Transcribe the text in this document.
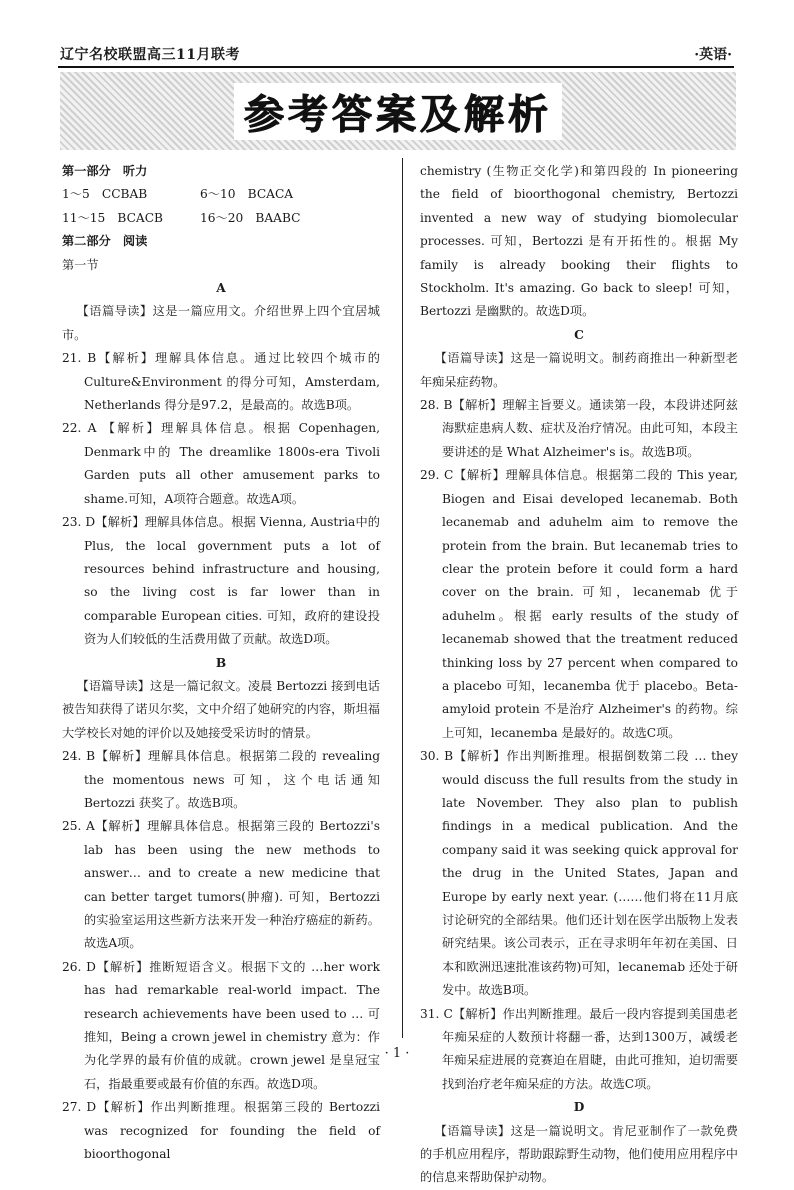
辽宁名校联盟高三11月联考	·英语·
参考答案及解析

第一部分　听力

1～5　CCBAB	6～10　BCACA
11～15　BCACB	16～20　BAABC

第二部分　阅读

第一节

A

【语篇导读】这是一篇应用文。介绍世界上四个宜居城市。

21. B【解析】理解具体信息。通过比较四个城市的 Culture&Environment 的得分可知，Amsterdam, Netherlands 得分是97.2，是最高的。故选B项。

22. A 【解析】理解具体信息。根据 Copenhagen, Denmark中的 The dreamlike 1800s-era Tivoli Garden puts all other amusement parks to shame.可知，A项符合题意。故选A项。

23. D【解析】理解具体信息。根据 Vienna, Austria中的 Plus, the local government puts a lot of resources behind infrastructure and housing, so the living cost is far lower than in comparable European cities. 可知，政府的建设投资为人们较低的生活费用做了贡献。故选D项。

B

【语篇导读】这是一篇记叙文。凌晨 Bertozzi 接到电话被告知获得了诺贝尔奖，文中介绍了她研究的内容，斯坦福大学校长对她的评价以及她接受采访时的情景。

24. B【解析】理解具体信息。根据第二段的 revealing the momentous news 可知，这个电话通知 Bertozzi 获奖了。故选B项。

25. A【解析】理解具体信息。根据第三段的 Bertozzi's lab has been using the new methods to answer… and to create a new medicine that can better target tumors(肿瘤). 可知，Bertozzi 的实验室运用这些新方法来开发一种治疗癌症的新药。故选A项。

26. D【解析】推断短语含义。根据下文的 …her work has had remarkable real-world impact. The research achievements have been used to … 可推知，Being a crown jewel in chemistry 意为：作为化学界的最有价值的成就。crown jewel 是皇冠宝石，指最重要或最有价值的东西。故选D项。

27. D【解析】作出判断推理。根据第三段的 Bertozzi was recognized for founding the field of bioorthogonal

chemistry (生物正交化学)和第四段的 In pioneering the field of bioorthogonal chemistry, Bertozzi invented a new way of studying biomolecular processes. 可知，Bertozzi 是有开拓性的。根据 My family is already booking their flights to Stockholm. It's amazing. Go back to sleep! 可知，Bertozzi 是幽默的。故选D项。

C

【语篇导读】这是一篇说明文。制药商推出一种新型老年痴呆症药物。

28. B【解析】理解主旨要义。通读第一段，本段讲述阿兹海默症患病人数、症状及治疗情况。由此可知，本段主要讲述的是 What Alzheimer's is。故选B项。

29. C【解析】理解具体信息。根据第二段的 This year, Biogen and Eisai developed lecanemab. Both lecanemab and aduhelm aim to remove the protein from the brain. But lecanemab tries to clear the protein before it could form a hard cover on the brain. 可知，lecanemab 优于 aduhelm。根据 early results of the study of lecanemab showed that the treatment reduced thinking loss by 27 percent when compared to a placebo 可知，lecanemba 优于 placebo。Beta-amyloid protein 不是治疗 Alzheimer's 的药物。综上可知，lecanemba 是最好的。故选C项。

30. B【解析】作出判断推理。根据倒数第二段 … they would discuss the full results from the study in late November. They also plan to publish findings in a medical publication. And the company said it was seeking quick approval for the drug in the United States, Japan and Europe by early next year. (……他们将在11月底讨论研究的全部结果。他们还计划在医学出版物上发表研究结果。该公司表示，正在寻求明年年初在美国、日本和欧洲迅速批准该药物)可知，lecanemab 还处于研发中。故选B项。

31. C【解析】作出判断推理。最后一段内容提到美国患老年痴呆症的人数预计将翻一番，达到1300万，减缓老年痴呆症进展的竞赛迫在眉睫，由此可推知，迫切需要找到治疗老年痴呆症的方法。故选C项。

D

【语篇导读】这是一篇说明文。肯尼亚制作了一款免费的手机应用程序，帮助跟踪野生动物，他们使用应用程序中的信息来帮助保护动物。

· 1 ·
